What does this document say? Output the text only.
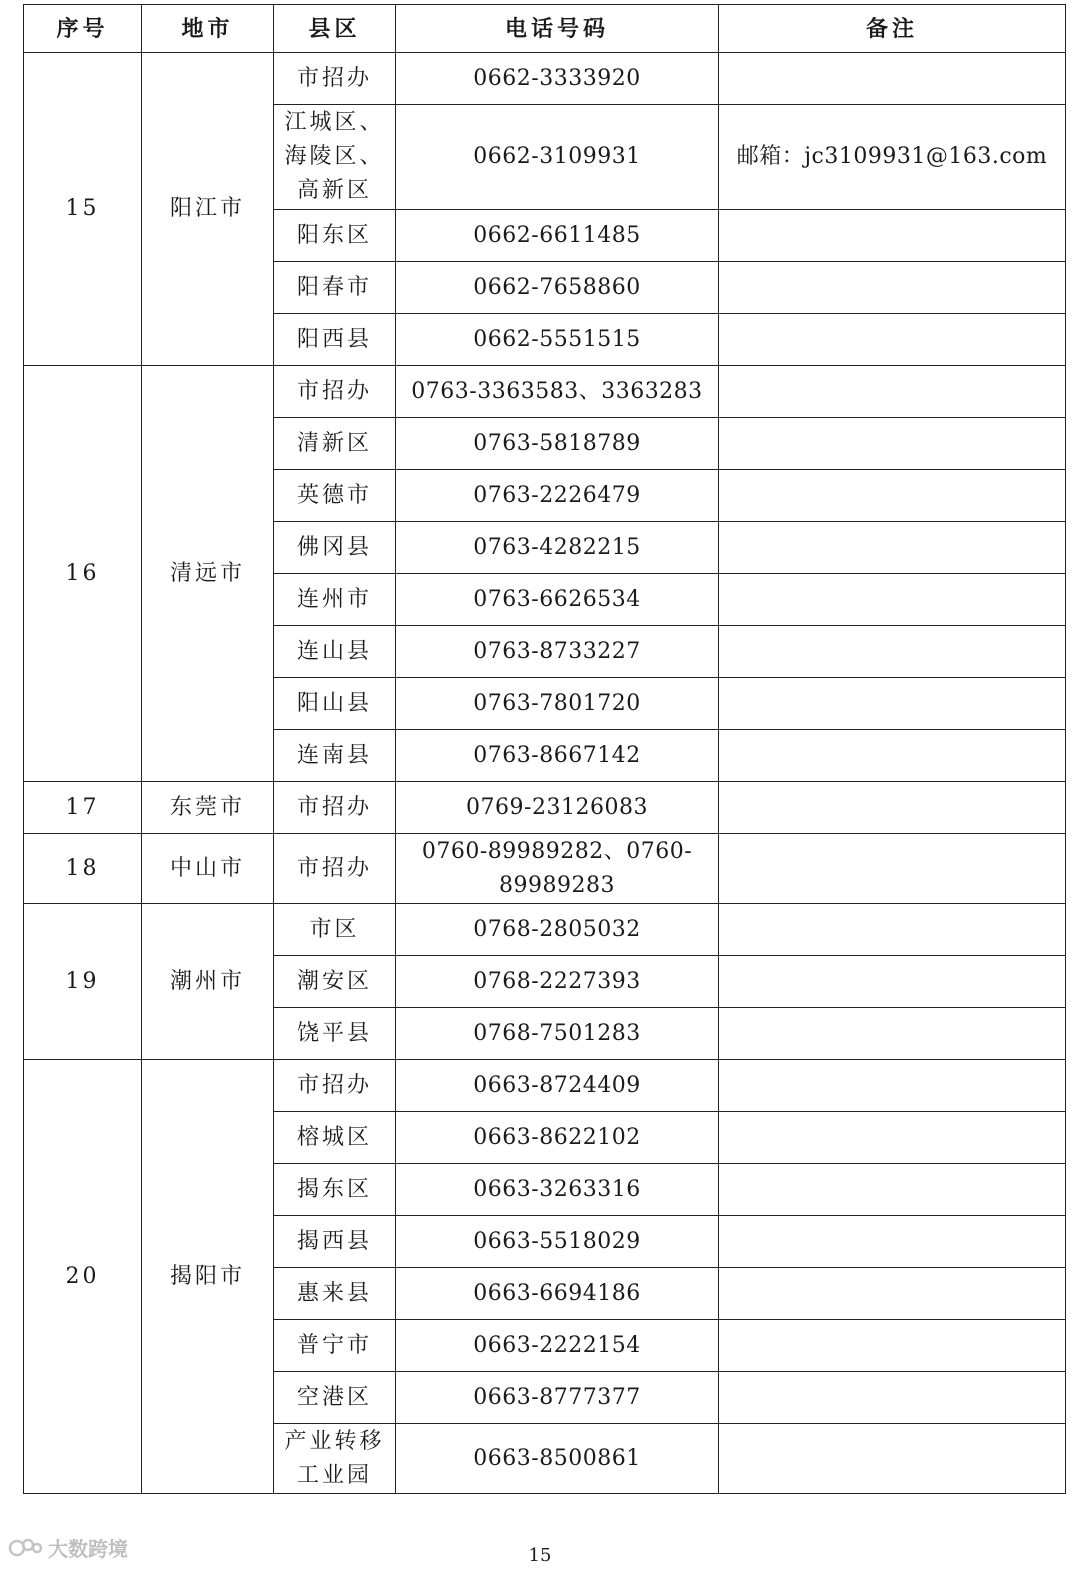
序号	地市	县区	电话号码	备注
15	阳江市	市招办	0662-3333920	
		江城区、海陵区、高新区	0662-3109931	邮箱：jc3109931@163.com
		阳东区	0662-6611485	
		阳春市	0662-7658860	
		阳西县	0662-5551515	
16	清远市	市招办	0763-3363583、3363283	
		清新区	0763-5818789	
		英德市	0763-2226479	
		佛冈县	0763-4282215	
		连州市	0763-6626534	
		连山县	0763-8733227	
		阳山县	0763-7801720	
		连南县	0763-8667142	
17	东莞市	市招办	0769-23126083	
18	中山市	市招办	0760-89989282、0760-89989283	
19	潮州市	市区	0768-2805032	
		潮安区	0768-2227393	
		饶平县	0768-7501283	
20	揭阳市	市招办	0663-8724409	
		榕城区	0663-8622102	
		揭东区	0663-3263316	
		揭西县	0663-5518029	
		惠来县	0663-6694186	
		普宁市	0663-2222154	
		空港区	0663-8777377	
		产业转移工业园	0663-8500861	
15
大数跨境
